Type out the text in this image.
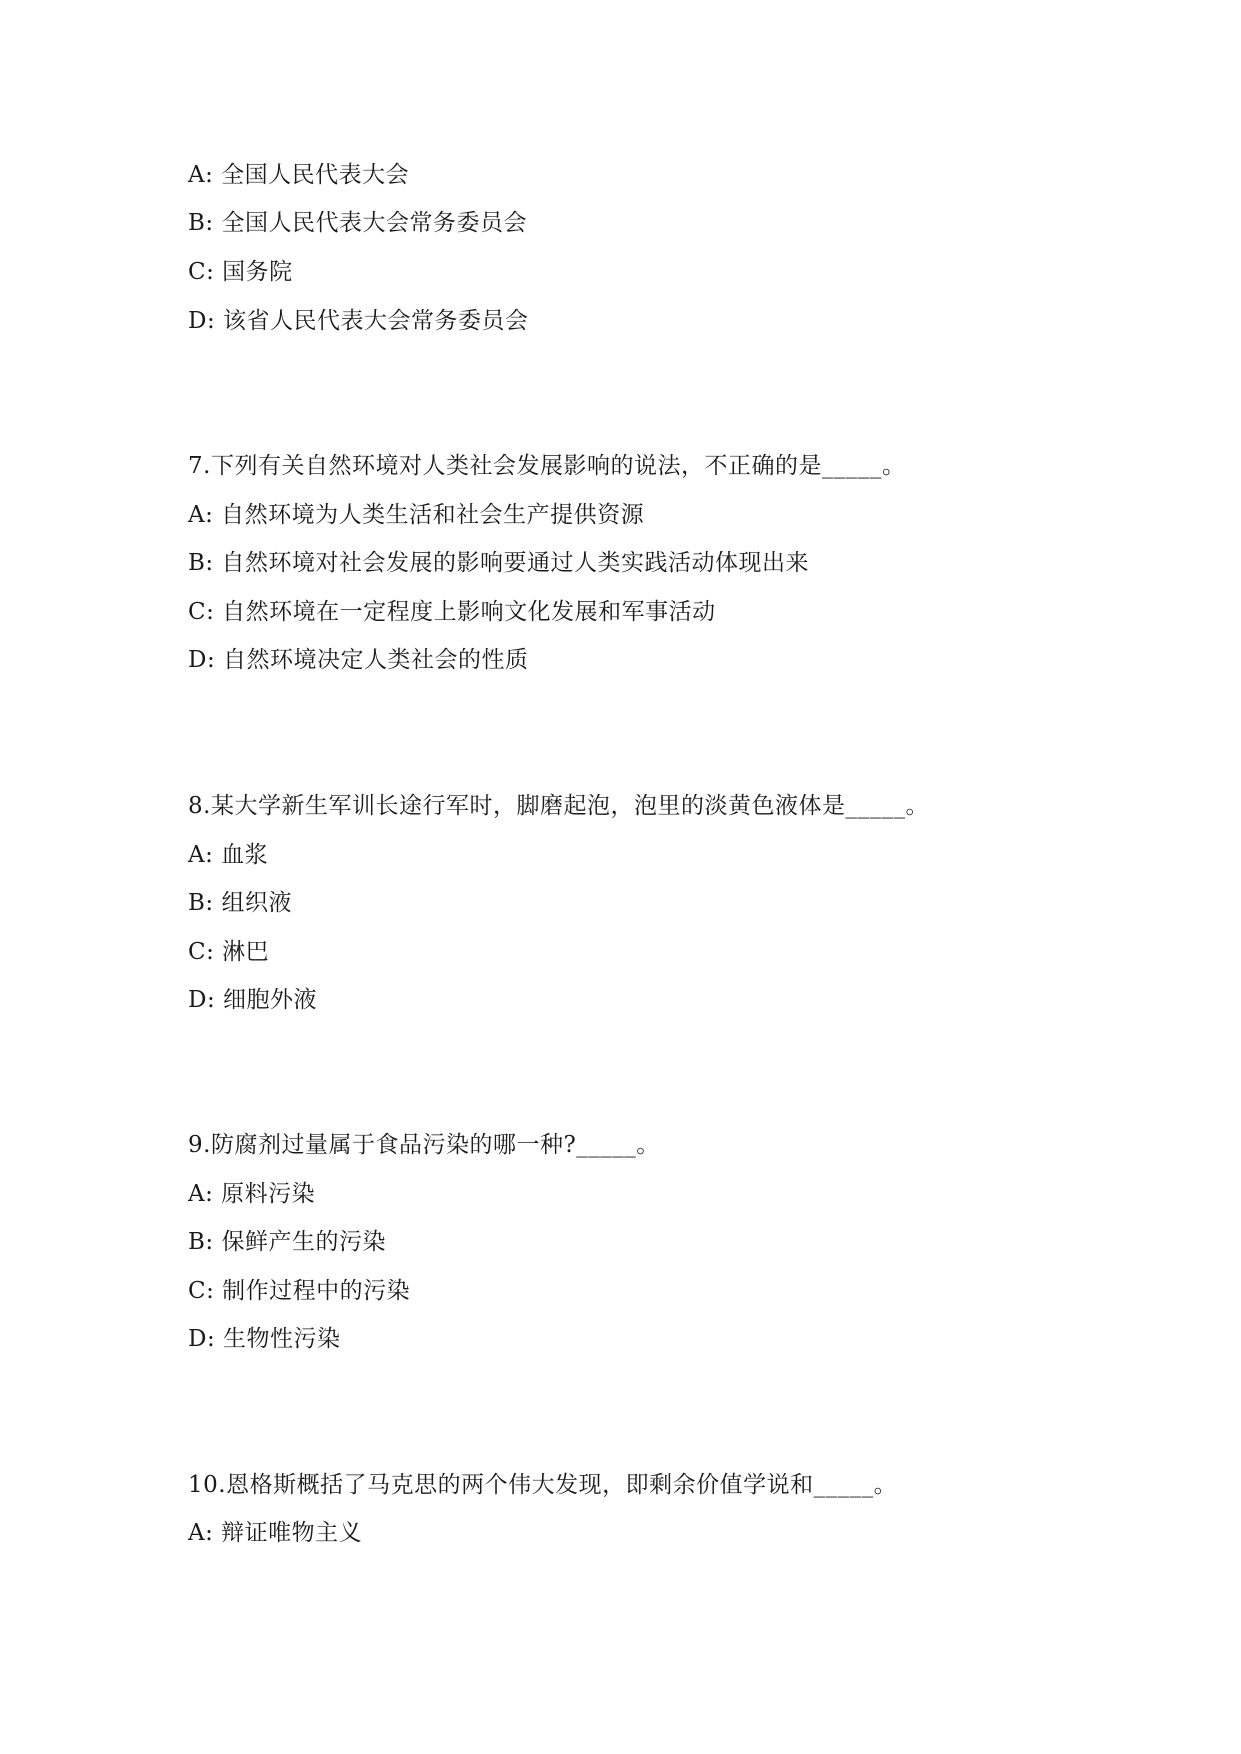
A: 全国人民代表大会
B: 全国人民代表大会常务委员会
C: 国务院
D: 该省人民代表大会常务委员会
7.下列有关自然环境对人类社会发展影响的说法，不正确的是_____。
A: 自然环境为人类生活和社会生产提供资源
B: 自然环境对社会发展的影响要通过人类实践活动体现出来
C: 自然环境在一定程度上影响文化发展和军事活动
D: 自然环境决定人类社会的性质
8.某大学新生军训长途行军时，脚磨起泡，泡里的淡黄色液体是_____。
A: 血浆
B: 组织液
C: 淋巴
D: 细胞外液
9.防腐剂过量属于食品污染的哪一种?_____。
A: 原料污染
B: 保鲜产生的污染
C: 制作过程中的污染
D: 生物性污染
10.恩格斯概括了马克思的两个伟大发现，即剩余价值学说和_____。
A: 辩证唯物主义
